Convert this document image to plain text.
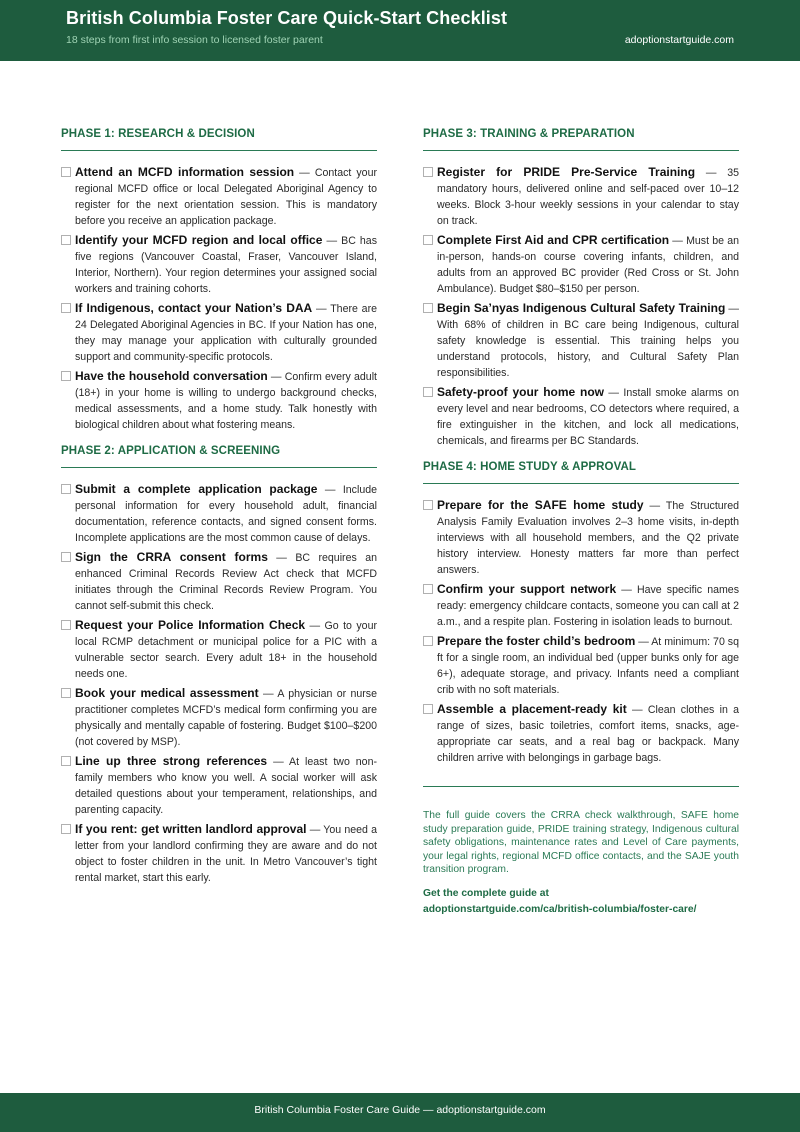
British Columbia Foster Care Quick-Start Checklist
18 steps from first info session to licensed foster parent	adoptionstartguide.com
PHASE 1: RESEARCH & DECISION
Attend an MCFD information session — Contact your regional MCFD office or local Delegated Aboriginal Agency to register for the next orientation session. This is mandatory before you receive an application package.
Identify your MCFD region and local office — BC has five regions (Vancouver Coastal, Fraser, Vancouver Island, Interior, Northern). Your region determines your assigned social workers and training cohorts.
If Indigenous, contact your Nation’s DAA — There are 24 Delegated Aboriginal Agencies in BC. If your Nation has one, they may manage your application with culturally grounded support and community-specific protocols.
Have the household conversation — Confirm every adult (18+) in your home is willing to undergo background checks, medical assessments, and a home study. Talk honestly with biological children about what fostering means.
PHASE 2: APPLICATION & SCREENING
Submit a complete application package — Include personal information for every household adult, financial documentation, reference contacts, and signed consent forms. Incomplete applications are the most common cause of delays.
Sign the CRRA consent forms — BC requires an enhanced Criminal Records Review Act check that MCFD initiates through the Criminal Records Review Program. You cannot self-submit this check.
Request your Police Information Check — Go to your local RCMP detachment or municipal police for a PIC with a vulnerable sector search. Every adult 18+ in the household needs one.
Book your medical assessment — A physician or nurse practitioner completes MCFD’s medical form confirming you are physically and mentally capable of fostering. Budget $100–$200 (not covered by MSP).
Line up three strong references — At least two non-family members who know you well. A social worker will ask detailed questions about your temperament, relationships, and parenting capacity.
If you rent: get written landlord approval — You need a letter from your landlord confirming they are aware and do not object to foster children in the unit. In Metro Vancouver’s tight rental market, start this early.
PHASE 3: TRAINING & PREPARATION
Register for PRIDE Pre-Service Training — 35 mandatory hours, delivered online and self-paced over 10–12 weeks. Block 3-hour weekly sessions in your calendar to stay on track.
Complete First Aid and CPR certification — Must be an in-person, hands-on course covering infants, children, and adults from an approved BC provider (Red Cross or St. John Ambulance). Budget $80–$150 per person.
Begin Sa’nyas Indigenous Cultural Safety Training — With 68% of children in BC care being Indigenous, cultural safety knowledge is essential. This training helps you understand protocols, history, and Cultural Safety Plan responsibilities.
Safety-proof your home now — Install smoke alarms on every level and near bedrooms, CO detectors where required, a fire extinguisher in the kitchen, and lock all medications, chemicals, and firearms per BC Standards.
PHASE 4: HOME STUDY & APPROVAL
Prepare for the SAFE home study — The Structured Analysis Family Evaluation involves 2–3 home visits, in-depth interviews with all household members, and the Q2 private history interview. Honesty matters far more than perfect answers.
Confirm your support network — Have specific names ready: emergency childcare contacts, someone you can call at 2 a.m., and a respite plan. Fostering in isolation leads to burnout.
Prepare the foster child’s bedroom — At minimum: 70 sq ft for a single room, an individual bed (upper bunks only for age 6+), adequate storage, and privacy. Infants need a compliant crib with no soft materials.
Assemble a placement-ready kit — Clean clothes in a range of sizes, basic toiletries, comfort items, snacks, age-appropriate car seats, and a real bag or backpack. Many children arrive with belongings in garbage bags.
The full guide covers the CRRA check walkthrough, SAFE home study preparation guide, PRIDE training strategy, Indigenous cultural safety obligations, maintenance rates and Level of Care payments, your legal rights, regional MCFD office contacts, and the SAJE youth transition program.
Get the complete guide at
adoptionstartguide.com/ca/british-columbia/foster-care/
British Columbia Foster Care Guide — adoptionstartguide.com
